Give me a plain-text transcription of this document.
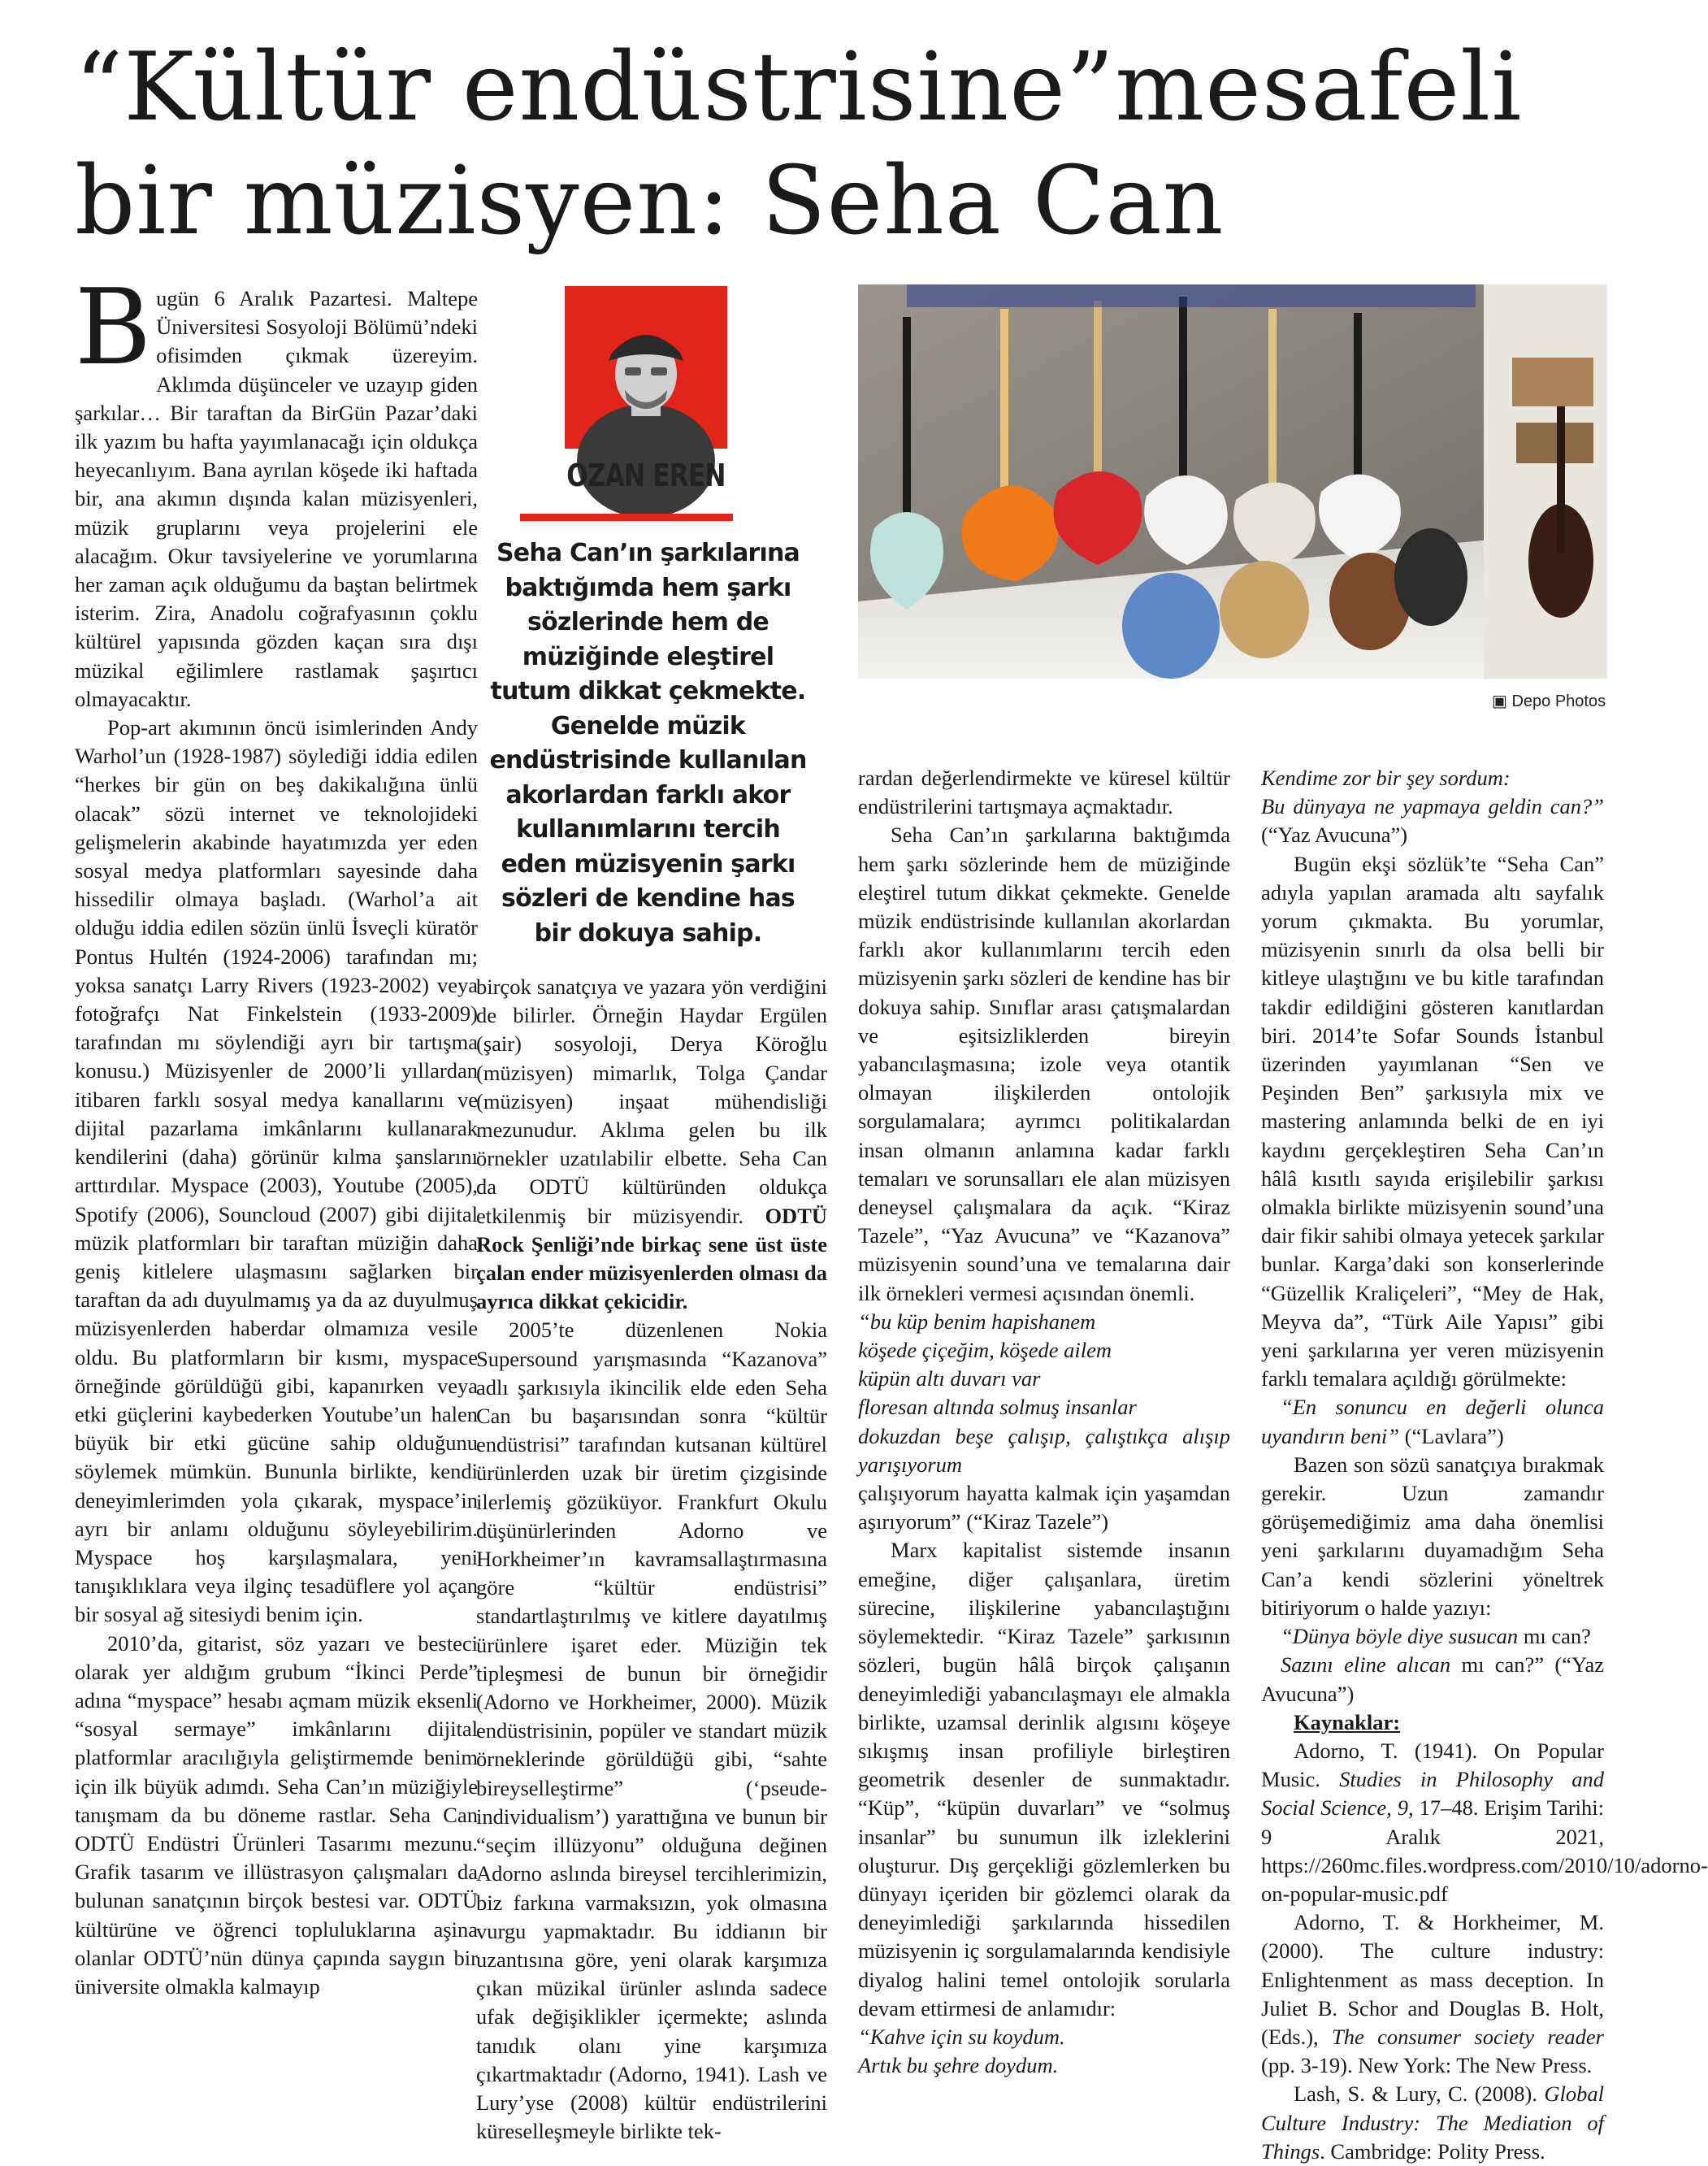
“Kültür endüstrisine”mesafeli
bir müzisyen: Seha Can

Bugün 6 Aralık Pazartesi. Maltepe Üniversitesi Sosyoloji Bölümü’ndeki ofisimden çıkmak üzereyim. Aklımda düşünceler ve uzayıp giden şarkılar… Bir taraftan da BirGün Pazar’daki ilk yazım bu hafta yayımlanacağı için oldukça heyecanlıyım. Bana ayrılan köşede iki haftada bir, ana akımın dışında kalan müzisyenleri, müzik gruplarını veya projelerini ele alacağım. Okur tavsiyelerine ve yorumlarına her zaman açık olduğumu da baştan belirtmek isterim. Zira, Anadolu coğrafyasının çoklu kültürel yapısında gözden kaçan sıra dışı müzikal eğilimlere rastlamak şaşırtıcı olmayacaktır.

Pop-art akımının öncü isimlerinden Andy Warhol’un (1928-1987) söylediği iddia edilen “herkes bir gün on beş dakikalığına ünlü olacak” sözü internet ve teknolojideki gelişmelerin akabinde hayatımızda yer eden sosyal medya platformları sayesinde daha hissedilir olmaya başladı. (Warhol’a ait olduğu iddia edilen sözün ünlü İsveçli küratör Pontus Hultén (1924-2006) tarafından mı; yoksa sanatçı Larry Rivers (1923-2002) veya fotoğrafçı Nat Finkelstein (1933-2009) tarafından mı söylendiği ayrı bir tartışma konusu.) Müzisyenler de 2000’li yıllardan itibaren farklı sosyal medya kanallarını ve dijital pazarlama imkânlarını kullanarak kendilerini (daha) görünür kılma şanslarını arttırdılar. Myspace (2003), Youtube (2005), Spotify (2006), Souncloud (2007) gibi dijital müzik platformları bir taraftan müziğin daha geniş kitlelere ulaşmasını sağlarken bir taraftan da adı duyulmamış ya da az duyulmuş müzisyenlerden haberdar olmamıza vesile oldu. Bu platformların bir kısmı, myspace örneğinde görüldüğü gibi, kapanırken veya etki güçlerini kaybederken Youtube’un halen büyük bir etki gücüne sahip olduğunu söylemek mümkün. Bununla birlikte, kendi deneyimlerimden yola çıkarak, myspace’in ayrı bir anlamı olduğunu söyleyebilirim. Myspace hoş karşılaşmalara, yeni tanışıklıklara veya ilginç tesadüflere yol açan bir sosyal ağ sitesiydi benim için.

2010’da, gitarist, söz yazarı ve besteci olarak yer aldığım grubum “İkinci Perde” adına “myspace” hesabı açmam müzik eksenli “sosyal sermaye” imkânlarını dijital platformlar aracılığıyla geliştirmemde benim için ilk büyük adımdı. Seha Can’ın müziğiyle tanışmam da bu döneme rastlar. Seha Can ODTÜ Endüstri Ürünleri Tasarımı mezunu. Grafik tasarım ve illüstrasyon çalışmaları da bulunan sanatçının birçok bestesi var. ODTÜ kültürüne ve öğrenci topluluklarına aşina olanlar ODTÜ’nün dünya çapında saygın bir üniversite olmakla kalmayıp

OZAN EREN
Seha Can’ın şarkılarına baktığımda hem şarkı sözlerinde hem de müziğinde eleştirel tutum dikkat çekmekte. Genelde müzik endüstrisinde kullanılan akorlardan farklı akor kullanımlarını tercih eden müzisyenin şarkı sözleri de kendine has bir dokuya sahip.

birçok sanatçıya ve yazara yön verdiğini de bilirler. Örneğin Haydar Ergülen (şair) sosyoloji, Derya Köroğlu (müzisyen) mimarlık, Tolga Çandar (müzisyen) inşaat mühendisliği mezunudur. Aklıma gelen bu ilk örnekler uzatılabilir elbette. Seha Can da ODTÜ kültüründen oldukça etkilenmiş bir müzisyendir. ODTÜ Rock Şenliği’nde birkaç sene üst üste çalan ender müzisyenlerden olması da ayrıca dikkat çekicidir.

2005’te düzenlenen Nokia Supersound yarışmasında “Kazanova” adlı şarkısıyla ikincilik elde eden Seha Can bu başarısından sonra “kültür endüstrisi” tarafından kutsanan kültürel ürünlerden uzak bir üretim çizgisinde ilerlemiş gözüküyor. Frankfurt Okulu düşünürlerinden Adorno ve Horkheimer’ın kavramsallaştırmasına göre “kültür endüstrisi” standartlaştırılmış ve kitlere dayatılmış ürünlere işaret eder. Müziğin tek tipleşmesi de bunun bir örneğidir (Adorno ve Horkheimer, 2000). Müzik endüstrisinin, popüler ve standart müzik örneklerinde görüldüğü gibi, “sahte bireyselleştirme” (‘pseude-individualism’) yarattığına ve bunun bir “seçim illüzyonu” olduğuna değinen Adorno aslında bireysel tercihlerimizin, biz farkına varmaksızın, yok olmasına vurgu yapmaktadır. Bu iddianın bir uzantısına göre, yeni olarak karşımıza çıkan müzikal ürünler aslında sadece ufak değişiklikler içermekte; aslında tanıdık olanı yine karşımıza çıkartmaktadır (Adorno, 1941). Lash ve Lury’yse (2008) kültür endüstrilerini küreselleşmeyle birlikte tek-

▣ Depo Photos

rardan değerlendirmekte ve küresel kültür endüstrilerini tartışmaya açmaktadır.

Seha Can’ın şarkılarına baktığımda hem şarkı sözlerinde hem de müziğinde eleştirel tutum dikkat çekmekte. Genelde müzik endüstrisinde kullanılan akorlardan farklı akor kullanımlarını tercih eden müzisyenin şarkı sözleri de kendine has bir dokuya sahip. Sınıflar arası çatışmalardan ve eşitsizliklerden bireyin yabancılaşmasına; izole veya otantik olmayan ilişkilerden ontolojik sorgulamalara; ayrımcı politikalardan insan olmanın anlamına kadar farklı temaları ve sorunsalları ele alan müzisyen deneysel çalışmalara da açık. “Kiraz Tazele”, “Yaz Avucuna” ve “Kazanova” müzisyenin sound’una ve temalarına dair ilk örnekleri vermesi açısından önemli.

“bu küp benim hapishanem

köşede çiçeğim, köşede ailem

küpün altı duvarı var

floresan altında solmuş insanlar

dokuzdan beşe çalışıp, çalıştıkça alışıp yarışıyorum

çalışıyorum hayatta kalmak için yaşamdan aşırıyorum” (“Kiraz Tazele”)

Marx kapitalist sistemde insanın emeğine, diğer çalışanlara, üretim sürecine, ilişkilerine yabancılaştığını söylemektedir. “Kiraz Tazele” şarkısının sözleri, bugün hâlâ birçok çalışanın deneyimlediği yabancılaşmayı ele almakla birlikte, uzamsal derinlik algısını köşeye sıkışmış insan profiliyle birleştiren geometrik desenler de sunmaktadır. “Küp”, “küpün duvarları” ve “solmuş insanlar” bu sunumun ilk izleklerini oluşturur. Dış gerçekliği gözlemlerken bu dünyayı içeriden bir gözlemci olarak da deneyimlediği şarkılarında hissedilen müzisyenin iç sorgulamalarında kendisiyle diyalog halini temel ontolojik sorularla devam ettirmesi de anlamıdır:

“Kahve için su koydum.

Artık bu şehre doydum.

Kendime zor bir şey sordum:

Bu dünyaya ne yapmaya geldin can?” (“Yaz Avucuna”)

Bugün ekşi sözlük’te “Seha Can” adıyla yapılan aramada altı sayfalık yorum çıkmakta. Bu yorumlar, müzisyenin sınırlı da olsa belli bir kitleye ulaştığını ve bu kitle tarafından takdir edildiğini gösteren kanıtlardan biri. 2014’te Sofar Sounds İstanbul üzerinden yayımlanan “Sen ve Peşinden Ben” şarkısıyla mix ve mastering anlamında belki de en iyi kaydını gerçekleştiren Seha Can’ın hâlâ kısıtlı sayıda erişilebilir şarkısı olmakla birlikte müzisyenin sound’una dair fikir sahibi olmaya yetecek şarkılar bunlar. Karga’daki son konserlerinde “Güzellik Kraliçeleri”, “Mey de Hak, Meyva da”, “Türk Aile Yapısı” gibi yeni şarkılarına yer veren müzisyenin farklı temalara açıldığı görülmekte:

“En sonuncu en değerli olunca uyandırın beni” (“Lavlara”)

Bazen son sözü sanatçıya bırakmak gerekir. Uzun zamandır görüşemediğimiz ama daha önemlisi yeni şarkılarını duyamadığım Seha Can’a kendi sözlerini yöneltrek bitiriyorum o halde yazıyı:

“Dünya böyle diye susucan mı can?

Sazını eline alıcan mı can?” (“Yaz Avucuna”)

Kaynaklar:

Adorno, T. (1941). On Popular Music. Studies in Philosophy and Social Science, 9, 17–48. Erişim Tarihi: 9 Aralık 2021, https://260mc.files.wordpress.com/2010/10/adorno-on-popular-music.pdf

Adorno, T. & Horkheimer, M. (2000). The culture industry: Enlightenment as mass deception. In Juliet B. Schor and Douglas B. Holt, (Eds.), The consumer society reader (pp. 3-19). New York: The New Press.

Lash, S. & Lury, C. (2008). Global Culture Industry: The Mediation of Things. Cambridge: Polity Press.
